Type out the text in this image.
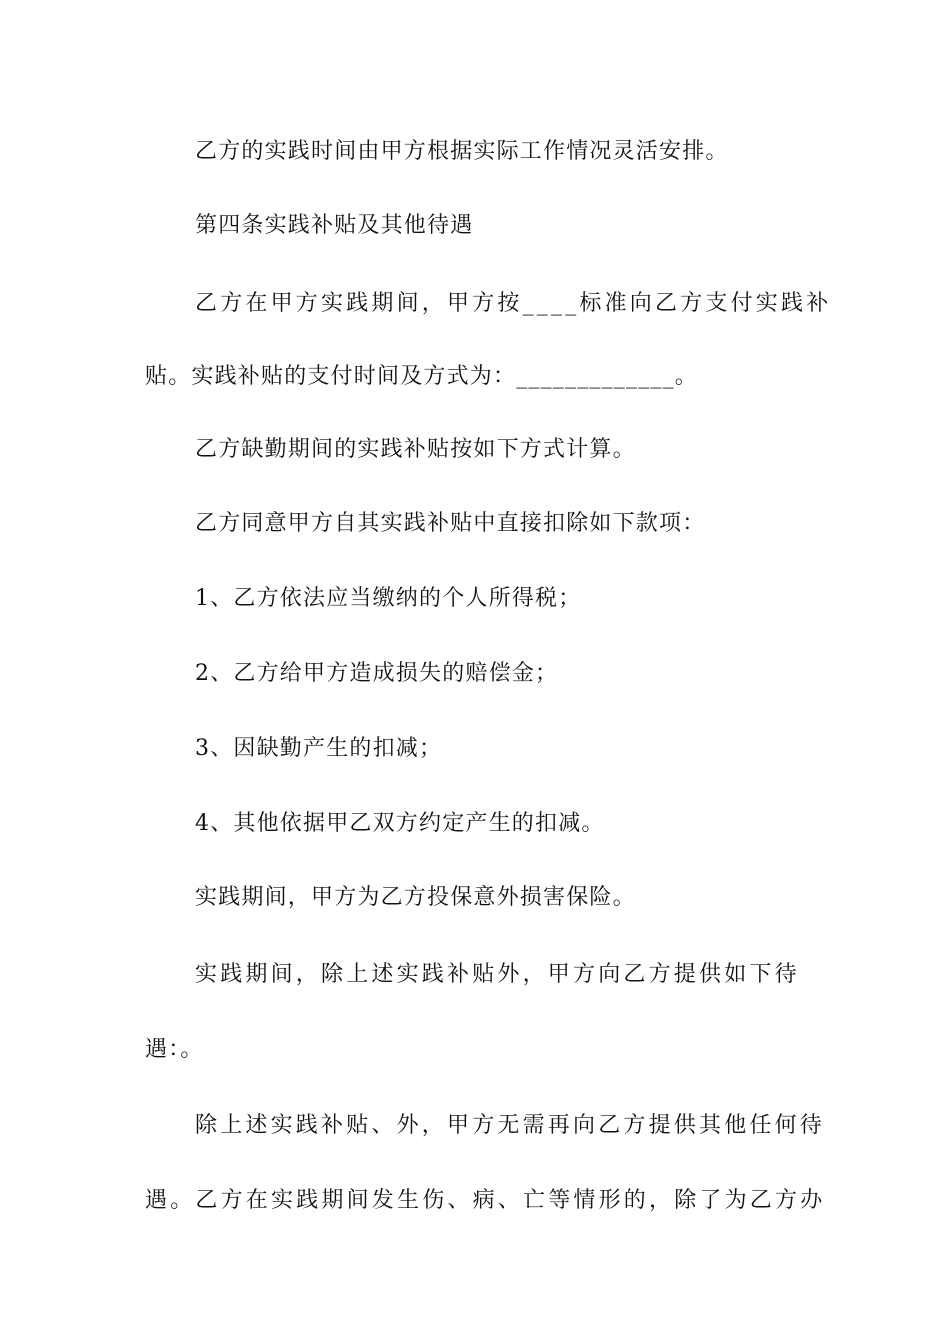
乙方的实践时间由甲方根据实际工作情况灵活安排。
第四条实践补贴及其他待遇
乙方在甲方实践期间，甲方按____标准向乙方支付实践补
贴。实践补贴的支付时间及方式为：_____________。
乙方缺勤期间的实践补贴按如下方式计算。
乙方同意甲方自其实践补贴中直接扣除如下款项：
1、乙方依法应当缴纳的个人所得税；
2、乙方给甲方造成损失的赔偿金；
3、因缺勤产生的扣减；
4、其他依据甲乙双方约定产生的扣减。
实践期间，甲方为乙方投保意外损害保险。
实践期间，除上述实践补贴外，甲方向乙方提供如下待
遇：。
除上述实践补贴、外，甲方无需再向乙方提供其他任何待
遇。乙方在实践期间发生伤、病、亡等情形的，除了为乙方办
